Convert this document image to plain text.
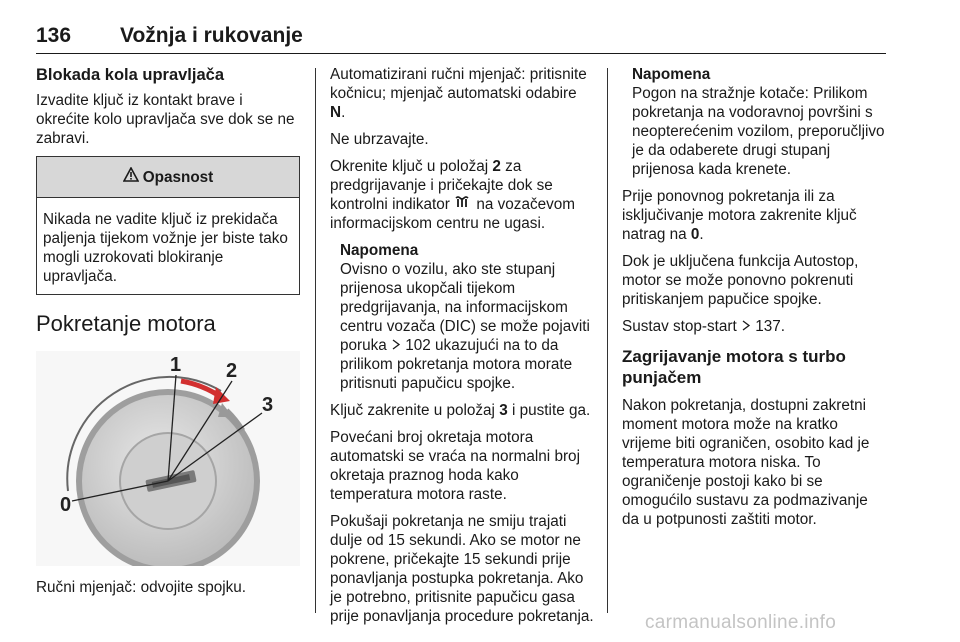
136 Vožnja i rukovanje
Blokada kola upravljača

Izvadite ključ iz kontakt brave i okrećite kolo upravljača sve dok se ne zabravi.

Opasnost
Nikada ne vadite ključ iz prekidača paljenja tijekom vožnje jer biste tako mogli uzrokovati blokiranje upravljača.
Pokretanje motora
0
1 2
3

Ručni mjenjač: odvojite spojku.

Automatizirani ručni mjenjač: pritisnite kočnicu; mjenjač automatski odabire N.

Ne ubrzavajte.

Okrenite ključ u položaj 2 za predgrijavanje i pričekajte dok se kontrolni indikator  na vozačevom informacijskom centru ne ugasi.

Napomena
Ovisno o vozilu, ako ste stupanj prijenosa ukopčali tijekom predgrijavanja, na informacijskom centru vozača (DIC) se može pojaviti poruka  102 ukazujući na to da prilikom pokretanja motora morate pritisnuti papučicu spojke.

Ključ zakrenite u položaj 3 i pustite ga.

Povećani broj okretaja motora automatski se vraća na normalni broj okretaja praznog hoda kako temperatura motora raste.

Pokušaji pokretanja ne smiju trajati dulje od 15 sekundi. Ako se motor ne pokrene, pričekajte 15 sekundi prije ponavljanja postupka pokretanja. Ako je potrebno, pritisnite papučicu gasa prije ponavljanja procedure pokretanja.

Napomena
Pogon na stražnje kotače: Prilikom pokretanja na vodoravnoj površini s neopterećenim vozilom, preporučljivo je da odaberete drugi stupanj prijenosa kada krenete.

Prije ponovnog pokretanja ili za isključivanje motora zakrenite ključ natrag na 0.

Dok je uključena funkcija Autostop, motor se može ponovno pokrenuti pritiskanjem papučice spojke.

Sustav stop-start  137.

Zagrijavanje motora s turbo punjačem

Nakon pokretanja, dostupni zakretni moment motora može na kratko vrijeme biti ograničen, osobito kad je temperatura motora niska. To ograničenje postoji kako bi se omogućilo sustavu za podmazivanje da u potpunosti zaštiti motor.

carmanualsonline.info
